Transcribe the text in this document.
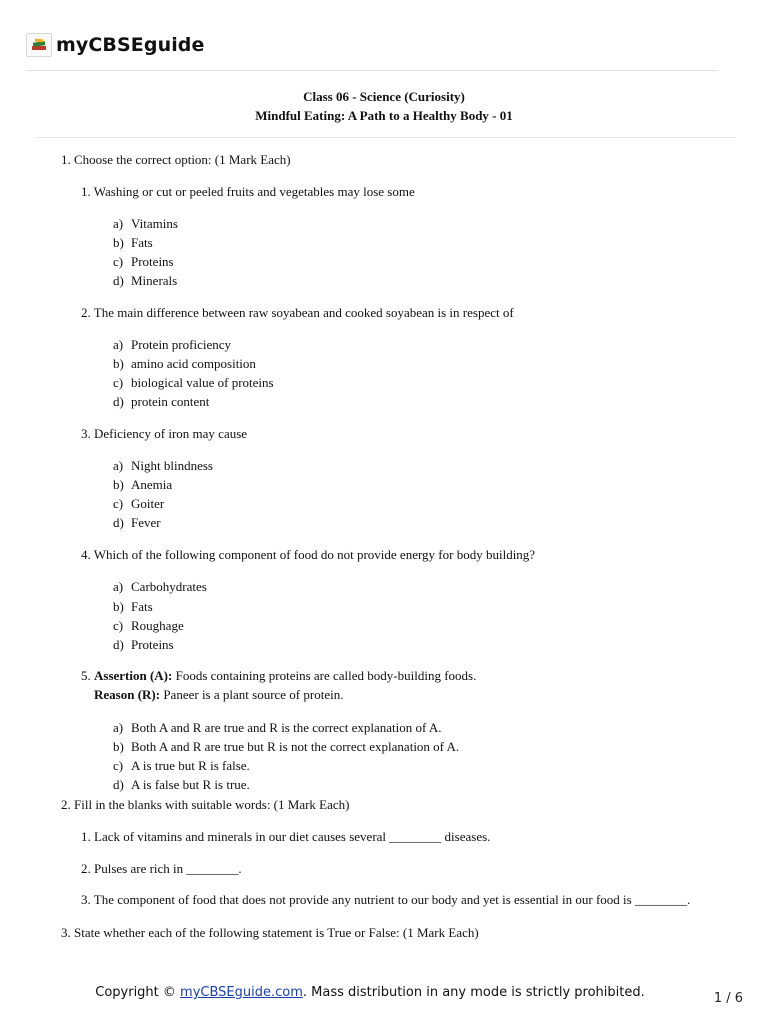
myCBSEguide
Class 06 - Science (Curiosity)
Mindful Eating: A Path to a Healthy Body - 01
1. Choose the correct option: (1 Mark Each)
1. Washing or cut or peeled fruits and vegetables may lose some
a) Vitamins
b) Fats
c) Proteins
d) Minerals
2. The main difference between raw soyabean and cooked soyabean is in respect of
a) Protein proficiency
b) amino acid composition
c) biological value of proteins
d) protein content
3. Deficiency of iron may cause
a) Night blindness
b) Anemia
c) Goiter
d) Fever
4. Which of the following component of food do not provide energy for body building?
a) Carbohydrates
b) Fats
c) Roughage
d) Proteins
5. Assertion (A): Foods containing proteins are called body-building foods.
Reason (R): Paneer is a plant source of protein.
a) Both A and R are true and R is the correct explanation of A.
b) Both A and R are true but R is not the correct explanation of A.
c) A is true but R is false.
d) A is false but R is true.
2. Fill in the blanks with suitable words: (1 Mark Each)
1. Lack of vitamins and minerals in our diet causes several ________ diseases.
2. Pulses are rich in ________.
3. The component of food that does not provide any nutrient to our body and yet is essential in our food is ________.
3. State whether each of the following statement is True or False: (1 Mark Each)
Copyright © myCBSEguide.com. Mass distribution in any mode is strictly prohibited.	1 / 6
